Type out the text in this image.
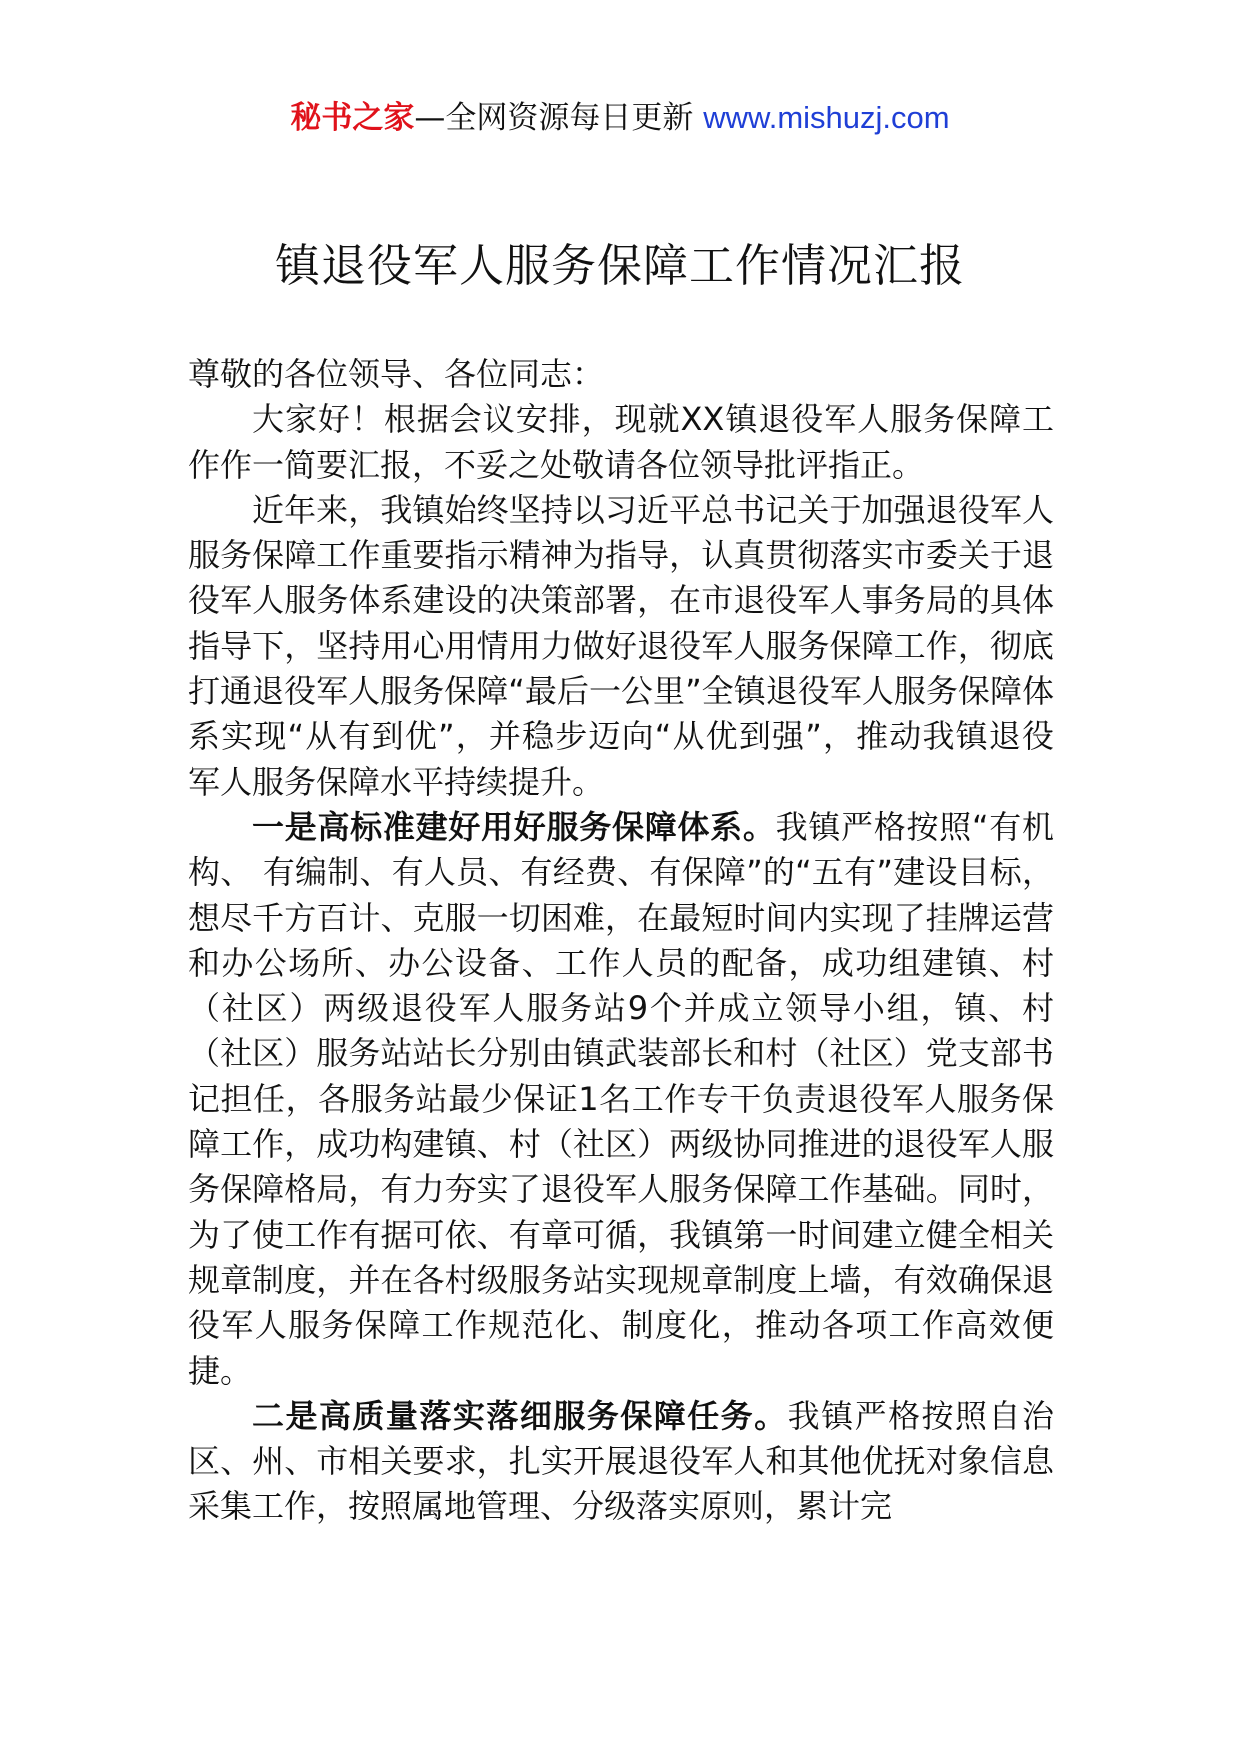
秘书之家—全网资源每日更新 www.mishuzj.com
镇退役军人服务保障工作情况汇报

尊敬的各位领导、各位同志：

大家好！根据会议安排，现就XX镇退役军人服务保障工作作一简要汇报，不妥之处敬请各位领导批评指正。

近年来，我镇始终坚持以习近平总书记关于加强退役军人服务保障工作重要指示精神为指导，认真贯彻落实市委关于退役军人服务体系建设的决策部署，在市退役军人事务局的具体指导下，坚持用心用情用力做好退役军人服务保障工作，彻底打通退役军人服务保障“最后一公里”全镇退役军人服务保障体系实现“从有到优”，并稳步迈向“从优到强”，推动我镇退役军人服务保障水平持续提升。

一是高标准建好用好服务保障体系。我镇严格按照“有机构、 有编制、有人员、有经费、有保障”的“五有”建设目标，想尽千方百计、克服一切困难，在最短时间内实现了挂牌运营和办公场所、办公设备、工作人员的配备，成功组建镇、村（社区）两级退役军人服务站9个并成立领导小组，镇、村（社区）服务站站长分别由镇武装部长和村（社区）党支部书记担任，各服务站最少保证1名工作专干负责退役军人服务保障工作，成功构建镇、村（社区）两级协同推进的退役军人服务保障格局，有力夯实了退役军人服务保障工作基础。同时，为了使工作有据可依、有章可循，我镇第一时间建立健全相关规章制度，并在各村级服务站实现规章制度上墙，有效确保退役军人服务保障工作规范化、制度化，推动各项工作高效便捷。

二是高质量落实落细服务保障任务。我镇严格按照自治区、州、市相关要求，扎实开展退役军人和其他优抚对象信息采集工作，按照属地管理、分级落实原则，累计完
